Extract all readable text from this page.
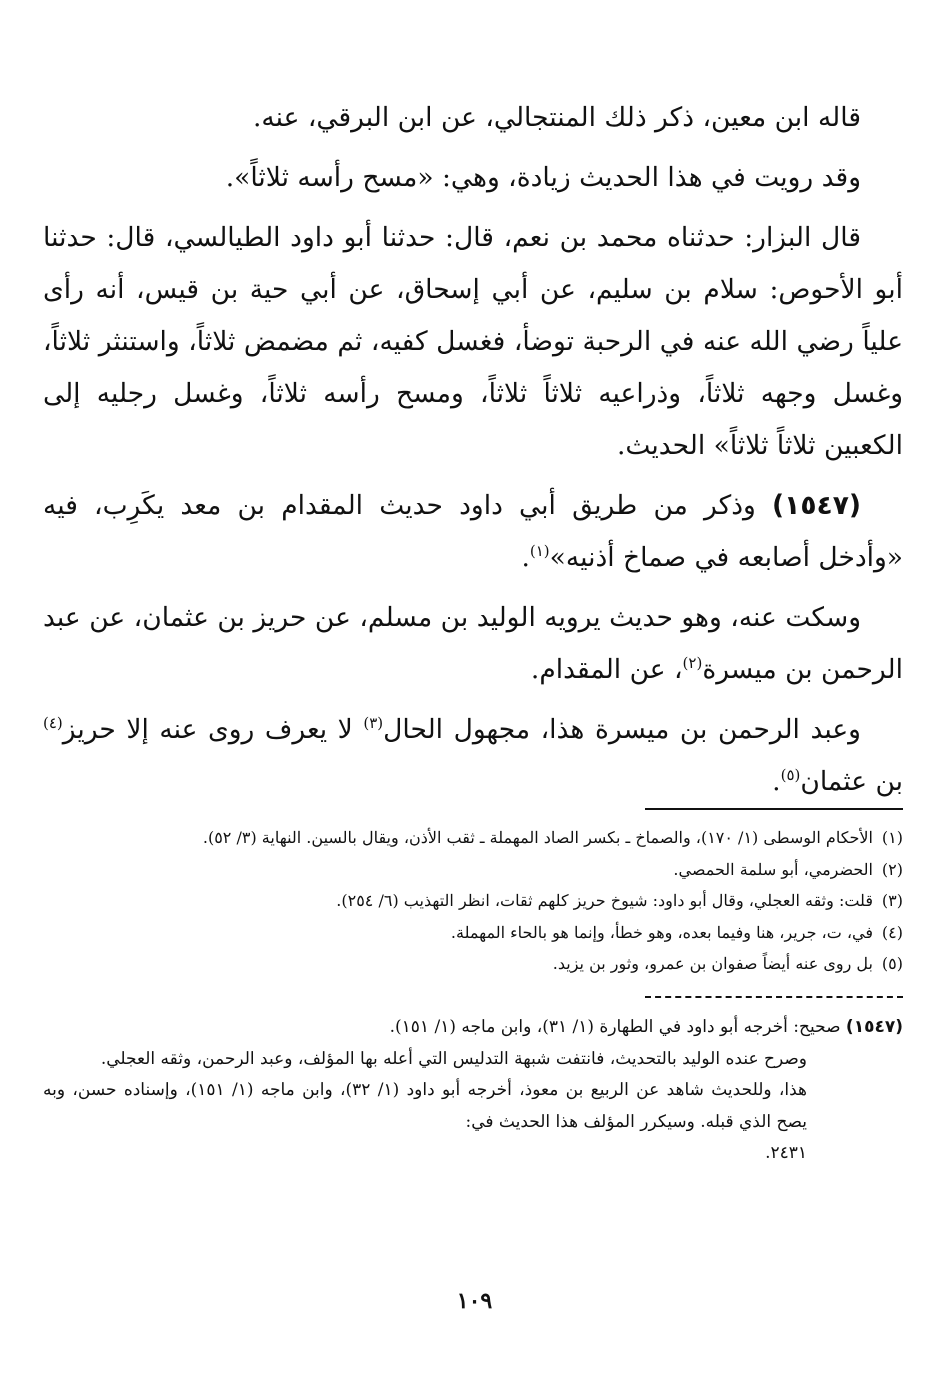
قاله ابن معين، ذكر ذلك المنتجالي، عن ابن البرقي، عنه.

وقد رويت في هذا الحديث زيادة، وهي: «مسح رأسه ثلاثاً».

قال البزار: حدثناه محمد بن نعم، قال: حدثنا أبو داود الطيالسي، قال: حدثنا أبو الأحوص: سلام بن سليم، عن أبي إسحاق، عن أبي حية بن قيس، أنه رأى علياً رضي الله عنه في الرحبة توضأ، فغسل كفيه، ثم مضمض ثلاثاً، واستنثر ثلاثاً، وغسل وجهه ثلاثاً، وذراعيه ثلاثاً ثلاثاً، ومسح رأسه ثلاثاً، وغسل رجليه إلى الكعبين ثلاثاً ثلاثاً» الحديث.

(١٥٤٧) وذكر من طريق أبي داود حديث المقدام بن معد يكَرِب، فيه «وأدخل أصابعه في صماخ أذنيه»$^{(١)}$.

وسكت عنه، وهو حديث يرويه الوليد بن مسلم، عن حريز بن عثمان، عن عبد الرحمن بن ميسرة$^{(٢)}$، عن المقدام.

وعبد الرحمن بن ميسرة هذا، مجهول الحال$^{(٣)}$ لا يعرف روى عنه إلا حريز$^{(٤)}$ بن عثمان$^{(٥)}$.

(١)الأحكام الوسطى (١/ ١٧٠)، والصماخ ـ بكسر الصاد المهملة ـ ثقب الأذن، ويقال بالسين. النهاية (٣/ ٥٢).
(٢)الحضرمي، أبو سلمة الحمصي.
(٣)قلت: وثقه العجلي، وقال أبو داود: شيوخ حريز كلهم ثقات، انظر التهذيب (٦/ ٢٥٤).
(٤)في، ت، جرير، هنا وفيما بعده، وهو خطأ، وإنما هو بالحاء المهملة.
(٥)بل روى عنه أيضاً صفوان بن عمرو، وثور بن يزيد.

(١٥٤٧) صحيح: أخرجه أبو داود في الطهارة (١/ ٣١)، وابن ماجه (١/ ١٥١).

وصرح عنده الوليد بالتحديث، فانتفت شبهة التدليس التي أعله بها المؤلف، وعبد الرحمن، وثقه العجلي.

هذا، وللحديث شاهد عن الربيع بن معوذ، أخرجه أبو داود (١/ ٣٢)، وابن ماجه (١/ ١٥١)، وإسناده حسن، وبه يصح الذي قبله. وسيكرر المؤلف هذا الحديث في:

٢٤٣١.

١٠٩
